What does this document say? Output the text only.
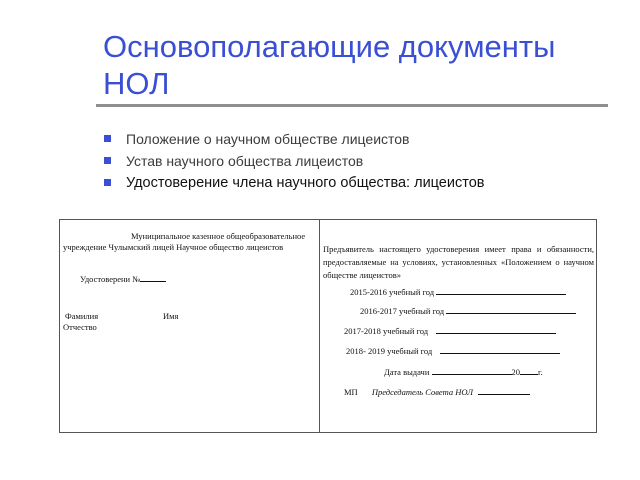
Основополагающие документы НОЛ
Положение о научном обществе лицеистов
Устав научного общества лицеистов
Удостоверение члена научного общества: лицеистов
Муниципальное казенное общеобразовательное учреждение Чулымский лицей Научное общество лицеистов
Удостоверени №
Фамилия	Имя
Отчество
Предъявитель настоящего удостоверения имеет права и обязанности, предоставляемые на условиях, установленных «Положением о научном обществе лицеистов»
2015-2016 учебный год
2016-2017 учебный год
2017-2018 учебный год
2018- 2019 учебный год
Дата выдачи	20 г.
МП Председатель Совета НОЛ
